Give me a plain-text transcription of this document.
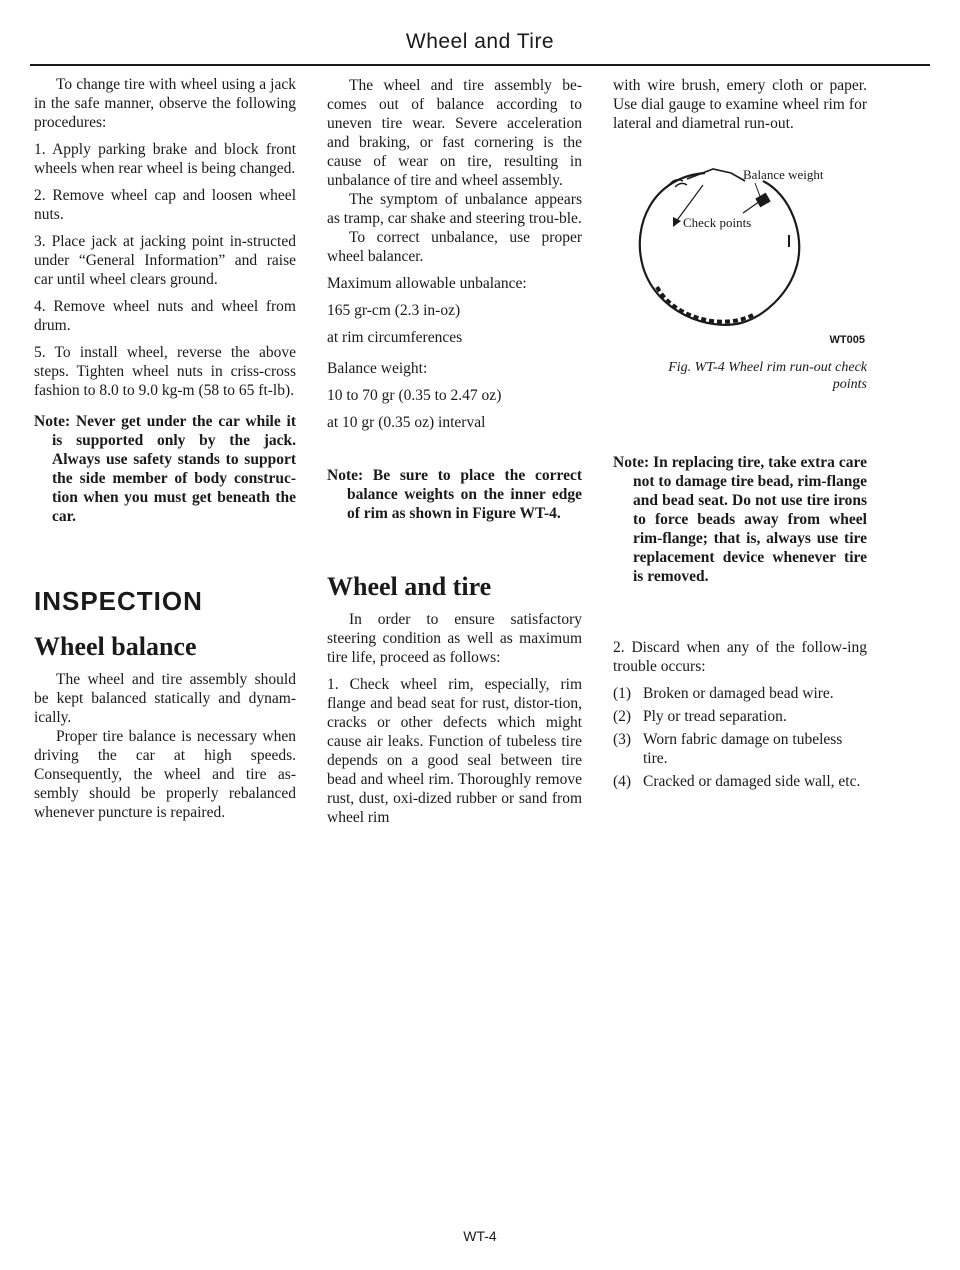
Wheel and Tire

To change tire with wheel using a jack in the safe manner, observe the following procedures:

1. Apply parking brake and block front wheels when rear wheel is being changed.

2. Remove wheel cap and loosen wheel nuts.

3. Place jack at jacking point in-structed under “General Information” and raise car until wheel clears ground.

4. Remove wheel nuts and wheel from drum.

5. To install wheel, reverse the above steps. Tighten wheel nuts in criss-cross fashion to 8.0 to 9.0 kg-m (58 to 65 ft-lb).

Note: Never get under the car while it is supported only by the jack. Always use safety stands to support the side member of body construc-tion when you must get beneath the car.

INSPECTION
Wheel balance

The wheel and tire assembly should be kept balanced statically and dynam-ically.

Proper tire balance is necessary when driving the car at high speeds. Consequently, the wheel and tire as-sembly should be properly rebalanced whenever puncture is repaired.

The wheel and tire assembly be-comes out of balance according to uneven tire wear. Severe acceleration and braking, or fast cornering is the cause of wear on tire, resulting in unbalance of tire and wheel assembly.

The symptom of unbalance appears as tramp, car shake and steering trou-ble.

To correct unbalance, use proper wheel balancer.

Maximum allowable unbalance:

165 gr-cm (2.3 in-oz)

at rim circumferences

Balance weight:

10 to 70 gr (0.35 to 2.47 oz)

at 10 gr (0.35 oz) interval

Note: Be sure to place the correct balance weights on the inner edge of rim as shown in Figure WT-4.

Wheel and tire

In order to ensure satisfactory steering condition as well as maximum tire life, proceed as follows:

1. Check wheel rim, especially, rim flange and bead seat for rust, distor-tion, cracks or other defects which might cause air leaks. Function of tubeless tire depends on a good seal between tire bead and wheel rim. Thoroughly remove rust, dust, oxi-dized rubber or sand from wheel rim

with wire brush, emery cloth or paper. Use dial gauge to examine wheel rim for lateral and diametral run-out.

Balance weight
Check points
WT005
Fig. WT-4 Wheel rim run-out check
points

Note: In replacing tire, take extra care not to damage tire bead, rim-flange and bead seat. Do not use tire irons to force beads away from wheel rim-flange; that is, always use tire replacement device whenever tire is removed.

2. Discard when any of the follow-ing trouble occurs:

(1) Broken or damaged bead wire.
(2) Ply or tread separation.
(3) Worn fabric damage on tubeless tire.
(4) Cracked or damaged side wall, etc.
WT-4
